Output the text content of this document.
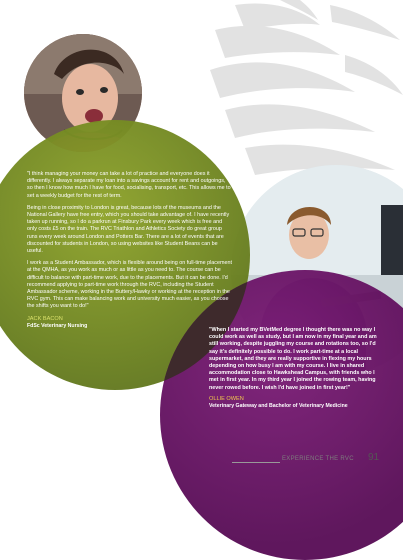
"I think managing your money can take a lot of practice and everyone does it differently. I always separate my loan into a savings account for rent and outgoings, so then I know how much I have for food, socialising, transport, etc. This allows me to set a weekly budget for the rest of term.

Being in close proximity to London is great, because lots of the museums and the National Gallery have free entry, which you should take advantage of. I have recently taken up running, so I do a parkrun at Finsbury Park every week which is free and only costs £5 on the train. The RVC Triathlon and Athletics Society do great group runs every week around London and Potters Bar. There are a lot of events that are discounted for students in London, so using websites like Student Beans can be useful.

I work as a Student Ambassador, which is flexible around being on full-time placement at the QMHA, as you work as much or as little as you need to. The course can be difficult to balance with part-time work, due to the placements. But it can be done. I'd recommend applying to part-time work through the RVC, including the Student Ambassador scheme, working in the Buttery/Hawky or working at the reception in the RVC gym. This can make balancing work and university much easier, as you choose the shifts you want to do!"

JACK BACON
FdSc Veterinary Nursing

"When I started my BVetMed degree I thought there was no way I could work as well as study, but I am now in my final year and am still working, despite juggling my course and rotations too, so I'd say it's definitely possible to do. I work part-time at a local supermarket, and they are really supportive in flexing my hours depending on how busy I am with my course. I live in shared accommodation close to Hawkshead Campus, with friends who I met in first year. In my third year I joined the rowing team, having never rowed before. I wish I'd have joined in first year!"

OLLIE OWEN
Veterinary Gateway and Bachelor of Veterinary Medicine
EXPERIENCE THE RVC 91
